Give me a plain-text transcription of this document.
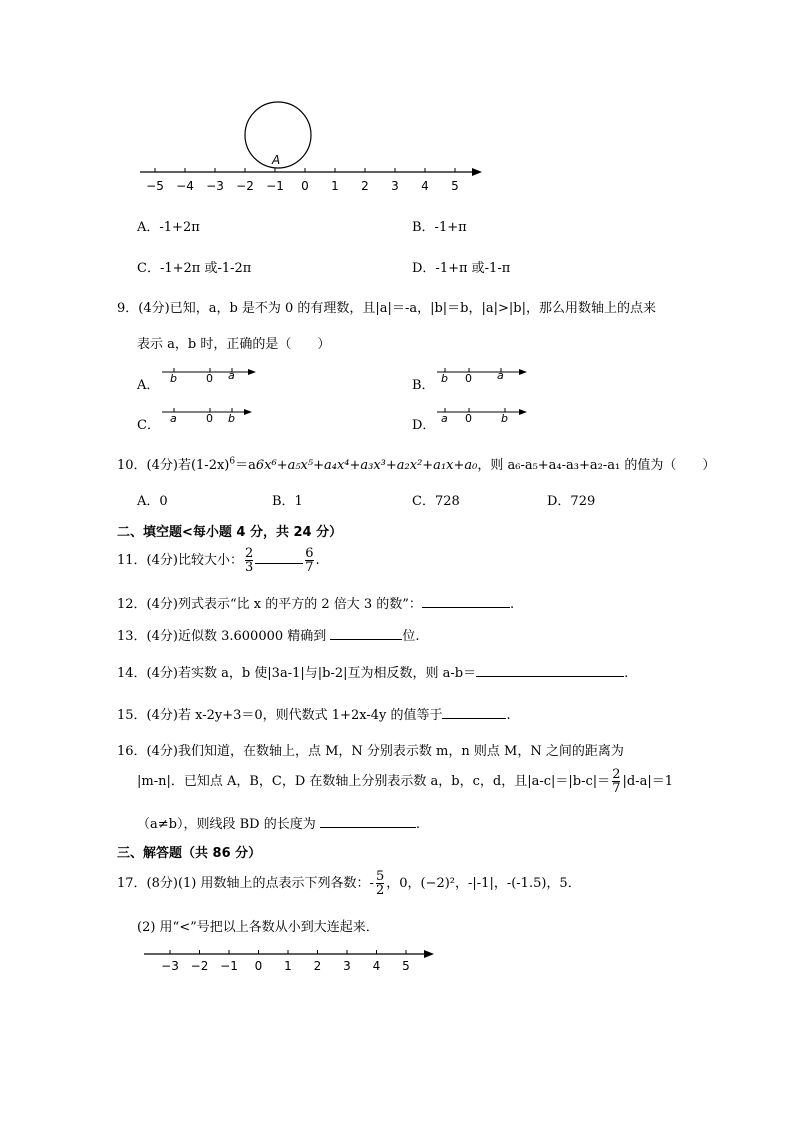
−5 −4 −3 −2 −1 0 1 2 3 4 5
A
A．-1+2π	B．-1+π
C．-1+2π 或-1-2π	D．-1+π 或-1-π
9．(4分)已知，a，b 是不为 0 的有理数，且|a|＝-a，|b|＝b，|a|>|b|，那么用数轴上的点来
表示 a，b 时，正确的是（　　）
A． b	0 a
B． b 0 a
C． a	0 b	D． a 0	b
10．(4分)若$(1-2x)^6=a6x^6+a_5x^5+a_4x^4+a_3x^3+a_2x^2+a_1x+a_0$，则 a₆-a₅+a₄-a₃+a₂-a₁ 的值为（　　）
A．0	B．1	C．728	D．729
二、填空题<每小题 4 分，共 24 分）
11．(4分)比较大小： $\frac{2}{3}$	$\frac{6}{7}$ .
12．(4分)列式表示“比 x 的平方的 2 倍大 3 的数”：	.
13．(4分)近似数 3.600000 精确到	位.
14．(4分)若实数 a，b 使|3a-1|与|b-2|互为相反数，则 a-b＝	.
15．(4分)若 x-2y+3＝0，则代数式 1+2x-4y 的值等于	.
16．(4分)我们知道，在数轴上，点 M，N 分别表示数 m，n 则点 M，N 之间的距离为
|m-n|．已知点 A，B，C，D 在数轴上分别表示数 a，b，c，d，且$|a-c|=|b-c|= \frac{2}{7} |d-a|=1$
（a≠b），则线段 BD 的长度为	.
三、解答题（共 86 分）
17．(8分)(1) 用数轴上的点表示下列各数：- $\frac{5}{2}$ ，0，(−2)²，-|-1|，-(-1.5)，5．
(2) 用“<”号把以上各数从小到大连起来．
−3 −2 −1 0 1 2 3 4 5
